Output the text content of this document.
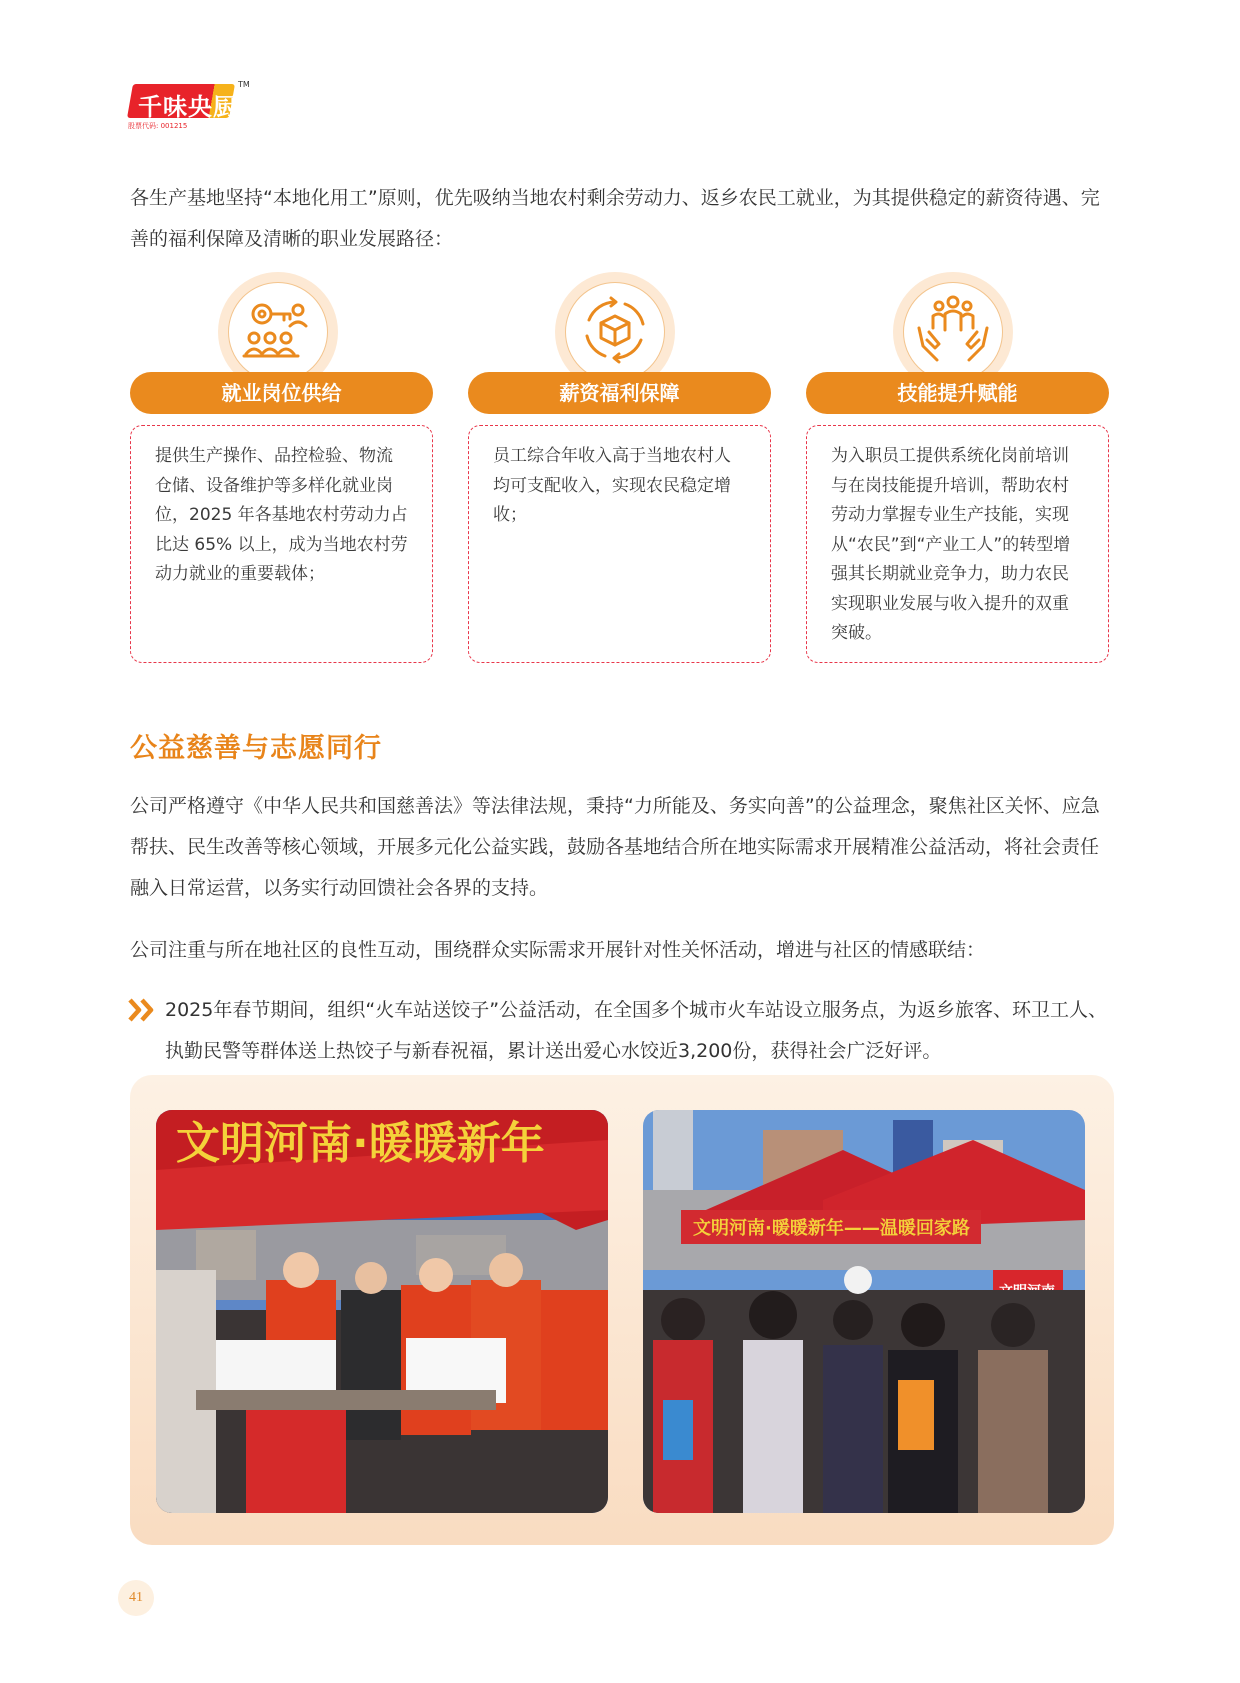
千味央厨
TM
股票代码: 001215

各生产基地坚持“本地化用工”原则，优先吸纳当地农村剩余劳动力、返乡农民工就业，为其提供稳定的薪资待遇、完善的福利保障及清晰的职业发展路径：

就业岗位供给
提供生产操作、品控检验、物流仓储、设备维护等多样化就业岗位，2025 年各基地农村劳动力占比达 65% 以上，成为当地农村劳动力就业的重要载体；
薪资福利保障
员工综合年收入高于当地农村人均可支配收入，实现农民稳定增收；
技能提升赋能
为入职员工提供系统化岗前培训与在岗技能提升培训，帮助农村劳动力掌握专业生产技能，实现从“农民”到“产业工人”的转型增强其长期就业竞争力，助力农民实现职业发展与收入提升的双重突破。
公益慈善与志愿同行

公司严格遵守《中华人民共和国慈善法》等法律法规，秉持“力所能及、务实向善”的公益理念，聚焦社区关怀、应急帮扶、民生改善等核心领域，开展多元化公益实践，鼓励各基地结合所在地实际需求开展精准公益活动，将社会责任融入日常运营，以务实行动回馈社会各界的支持。

公司注重与所在地社区的良性互动，围绕群众实际需求开展针对性关怀活动，增进与社区的情感联结：

2025年春节期间，组织“火车站送饺子”公益活动，在全国多个城市火车站设立服务点，为返乡旅客、环卫工人、执勤民警等群体送上热饺子与新春祝福，累计送出爱心水饺近3,200份，获得社会广泛好评。

文明河南·暖暖新年
文明河南·暖暖新年——温暖回家路
41
